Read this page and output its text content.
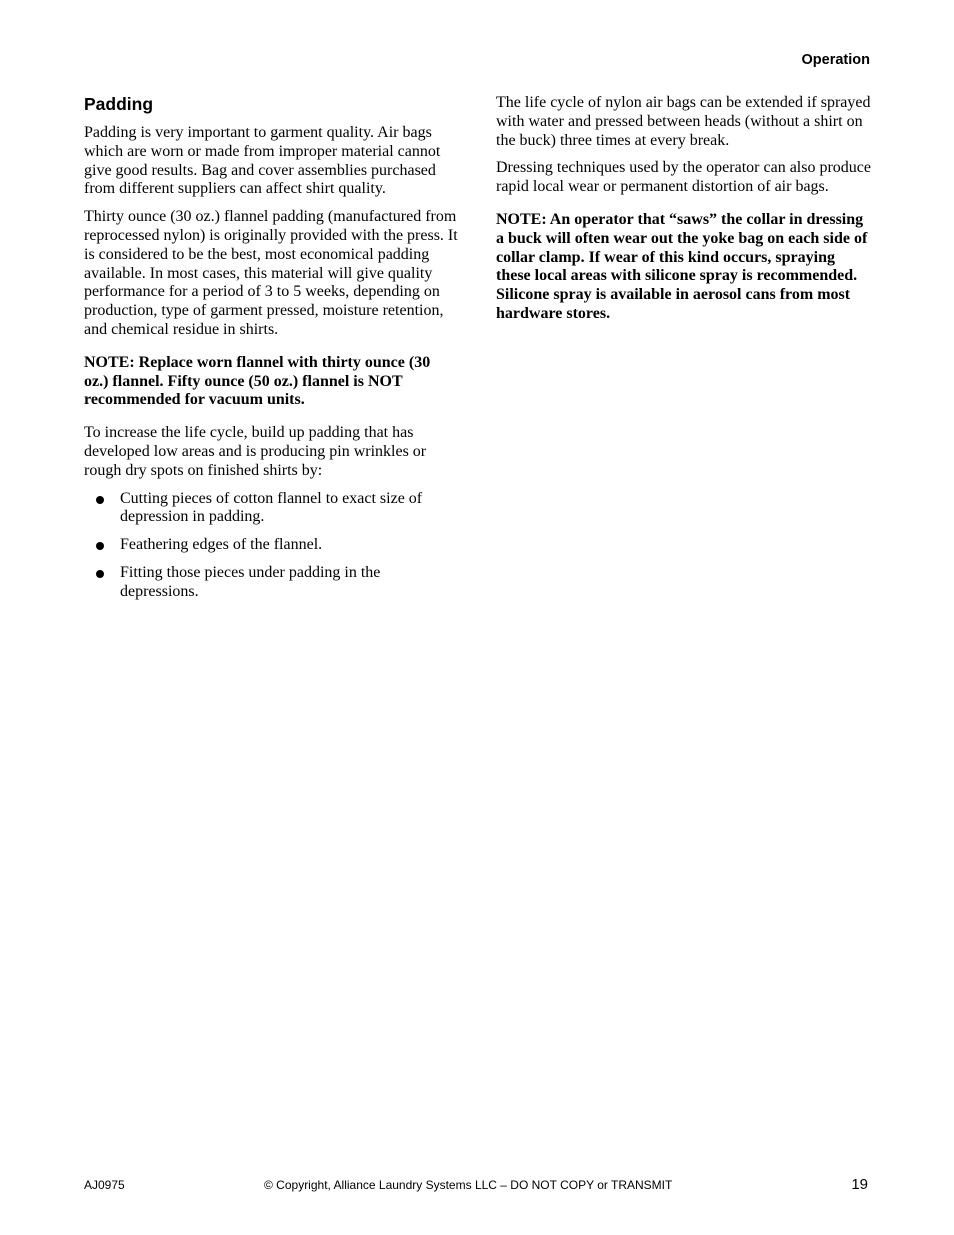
Operation
Padding

Padding is very important to garment quality. Air bags which are worn or made from improper material cannot give good results. Bag and cover assemblies purchased from different suppliers can affect shirt quality.

Thirty ounce (30 oz.) flannel padding (manufactured from reprocessed nylon) is originally provided with the press. It is considered to be the best, most economical padding available. In most cases, this material will give quality performance for a period of 3 to 5 weeks, depending on production, type of garment pressed, moisture retention, and chemical residue in shirts.

NOTE: Replace worn flannel with thirty ounce (30 oz.) flannel. Fifty ounce (50 oz.) flannel is NOT recommended for vacuum units.

To increase the life cycle, build up padding that has developed low areas and is producing pin wrinkles or rough dry spots on finished shirts by:

Cutting pieces of cotton flannel to exact size of depression in padding.
Feathering edges of the flannel.
Fitting those pieces under padding in the depressions.

The life cycle of nylon air bags can be extended if sprayed with water and pressed between heads (without a shirt on the buck) three times at every break.

Dressing techniques used by the operator can also produce rapid local wear or permanent distortion of air bags.

NOTE: An operator that “saws” the collar in dressing a buck will often wear out the yoke bag on each side of collar clamp. If wear of this kind occurs, spraying these local areas with silicone spray is recommended. Silicone spray is available in aerosol cans from most hardware stores.

AJ0975	© Copyright, Alliance Laundry Systems LLC – DO NOT COPY or TRANSMIT	19
